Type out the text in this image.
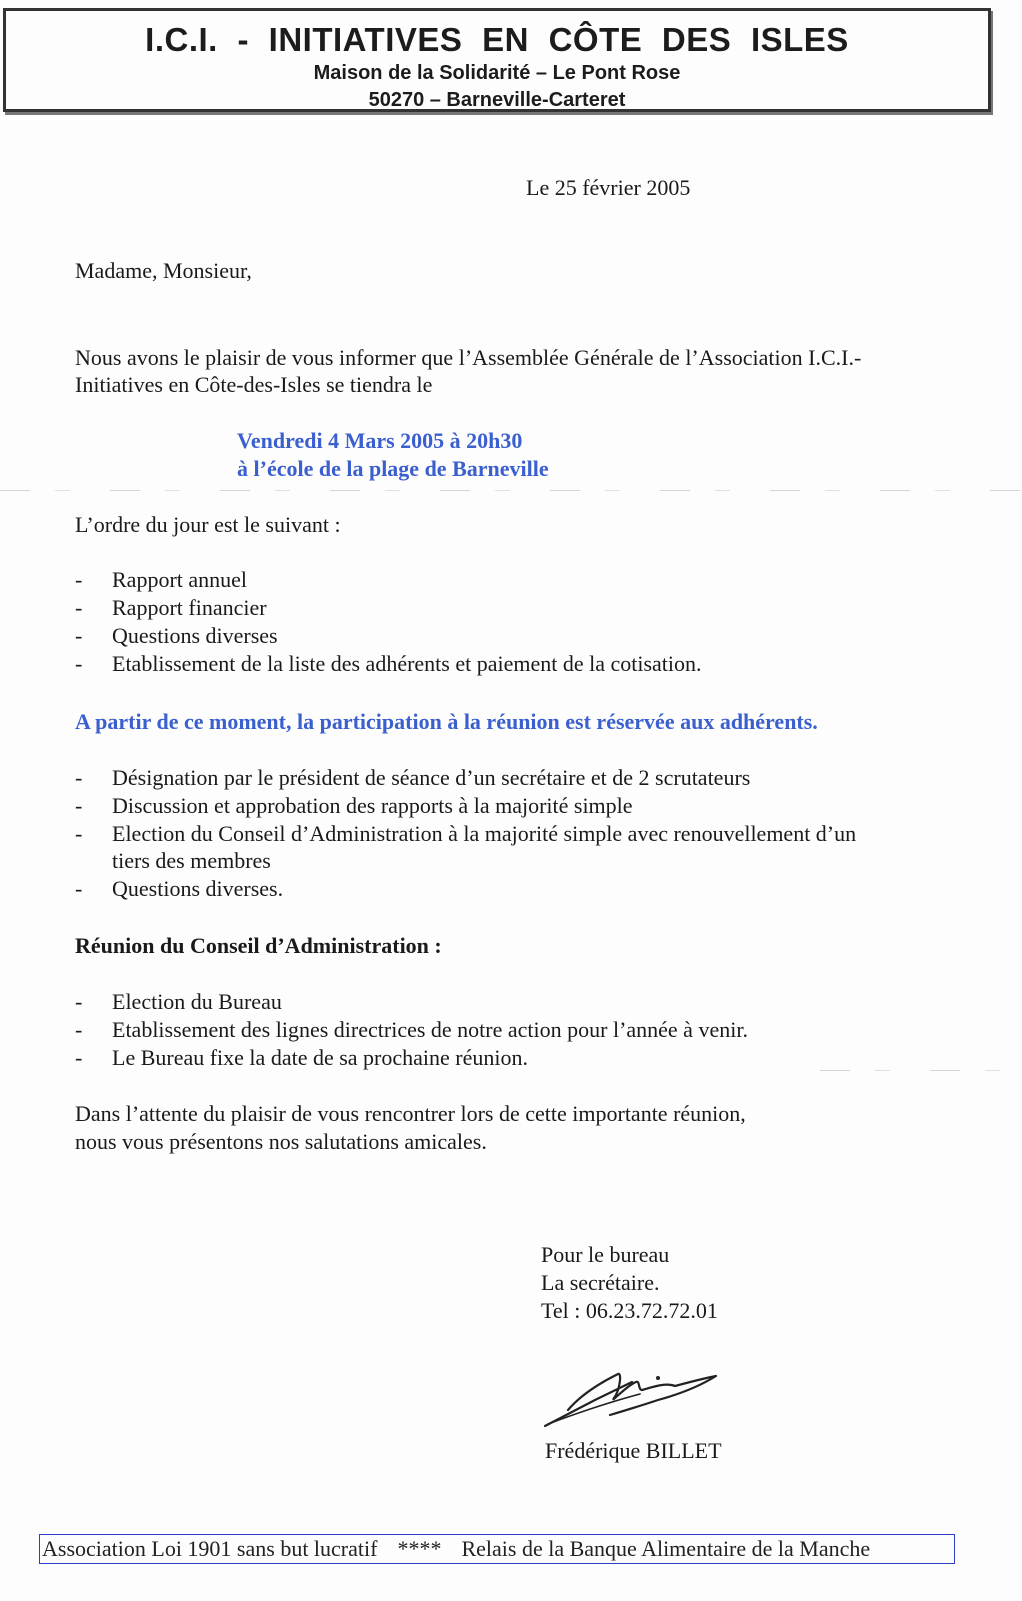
I.C.I. - INITIATIVES EN CÔTE DES ISLES
Maison de la Solidarité – Le Pont Rose
50270 – Barneville-Carteret
Le 25 février 2005
Madame, Monsieur,
Nous avons le plaisir de vous informer que l’Assemblée Générale de l’Association I.C.I.-
Initiatives en Côte-des-Isles se tiendra le
Vendredi 4 Mars 2005 à 20h30
à l’école de la plage de Barneville
L’ordre du jour est le suivant :
- Rapport annuel
- Rapport financier
- Questions diverses
- Etablissement de la liste des adhérents et paiement de la cotisation.
A partir de ce moment, la participation à la réunion est réservée aux adhérents.
- Désignation par le président de séance d’un secrétaire et de 2 scrutateurs
- Discussion et approbation des rapports à la majorité simple
- Election du Conseil d’Administration à la majorité simple avec renouvellement d’un
tiers des membres
- Questions diverses.
Réunion du Conseil d’Administration :
- Election du Bureau
- Etablissement des lignes directrices de notre action pour l’année à venir.
- Le Bureau fixe la date de sa prochaine réunion.
Dans l’attente du plaisir de vous rencontrer lors de cette importante réunion,
nous vous présentons nos salutations amicales.
Pour le bureau
La secrétaire.
Tel : 06.23.72.72.01
Frédérique BILLET
Association Loi 1901 sans but lucratif **** Relais de la Banque Alimentaire de la Manche
